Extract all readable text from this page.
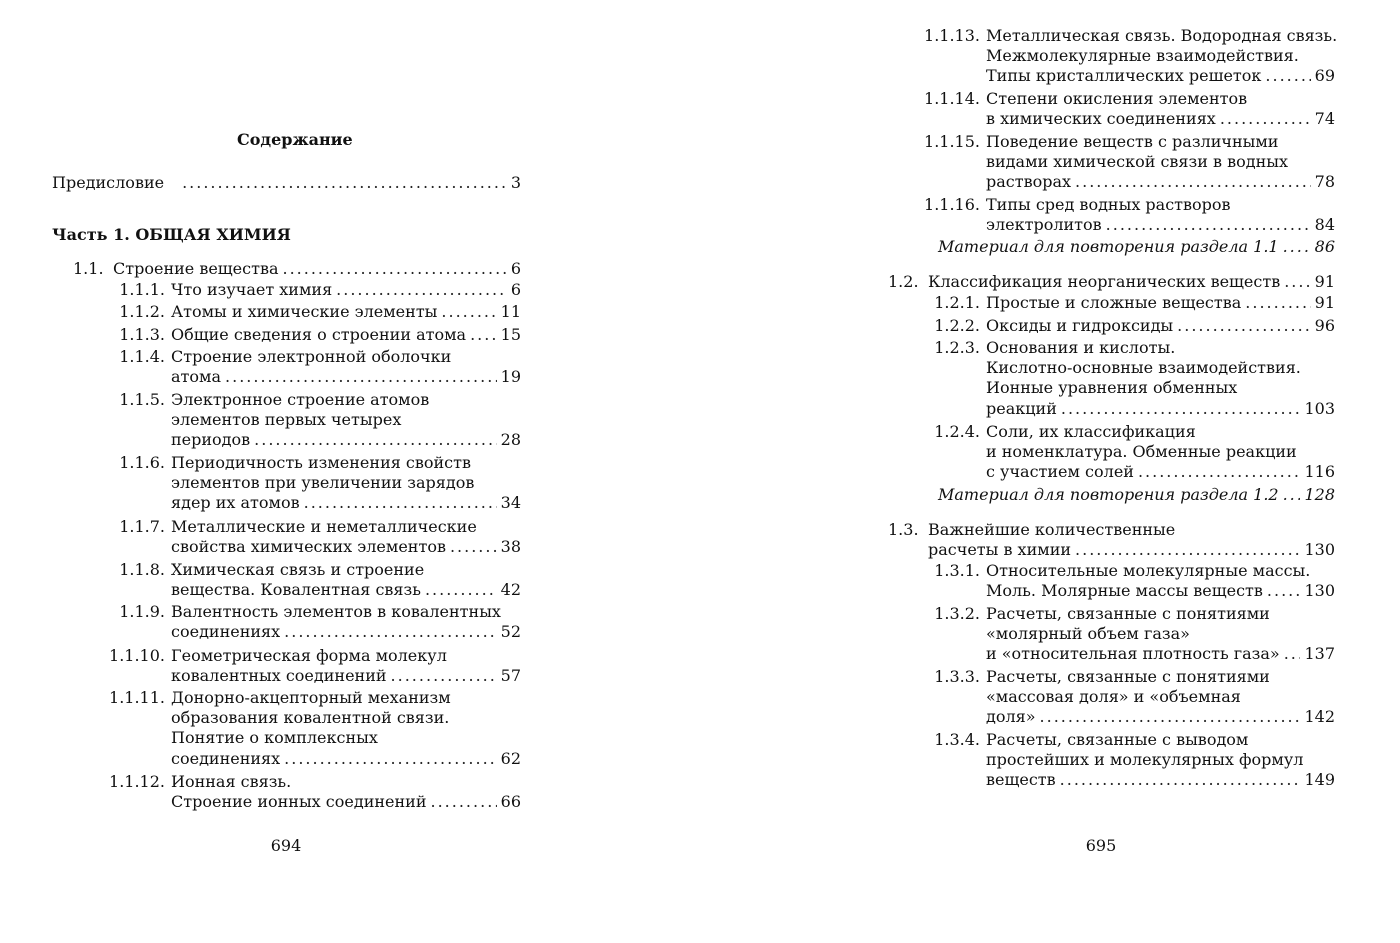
Содержание
Предисловие .....	3
Часть 1. ОБЩАЯ ХИМИЯ
1.1. Строение вещества .....	6
1.1.1. Что изучает химия .....	6
1.1.2. Атомы и химические элементы .....	11
1.1.3. Общие сведения о строении атома ..... 15
1.1.4. Строение электронной оболочки
атома .....	19
1.1.5. Электронное строение атомов
элементов первых четырех
периодов .....	28
1.1.6. Периодичность изменения свойств
элементов при увеличении зарядов
ядер их атомов .....	34
1.1.7. Металлические и неметаллические
свойства химических элементов .....	38
1.1.8. Химическая связь и строение
вещества. Ковалентная связь .....	42
1.1.9. Валентность элементов в ковалентных
соединениях .....	52
1.1.10. Геометрическая форма молекул
ковалентных соединений .....	57
1.1.11. Донорно-акцепторный механизм
образования ковалентной связи.
Понятие о комплексных
соединениях .....	62
1.1.12. Ионная связь.
Строение ионных соединений .....	66
694
1.1.13. Металлическая связь. Водородная связь.
Межмолекулярные взаимодействия.
Типы кристаллических решеток .....	69
1.1.14. Степени окисления элементов
в химических соединениях .....	74
1.1.15. Поведение веществ с различными
видами химической связи в водных
растворах .....	78
1.1.16. Типы сред водных растворов
электролитов .....	84
Материал для повторения раздела 1.1 ..... 86
1.2. Классификация неорганических веществ ..... 91
1.2.1. Простые и сложные вещества .....	91
1.2.2. Оксиды и гидроксиды .....	96
1.2.3. Основания и кислоты.
Кислотно-основные взаимодействия.
Ионные уравнения обменных
реакций .....	103
1.2.4. Соли, их классификация
и номенклатура. Обменные реакции
с участием солей .....	116
Материал для повторения раздела 1.2 ..... 128
1.3. Важнейшие количественные
расчеты в химии .....	130
1.3.1. Относительные молекулярные массы.
Моль. Молярные массы веществ .....	130
1.3.2. Расчеты, связанные с понятиями
«молярный объем газа»
и «относительная плотность газа» ..... 137
1.3.3. Расчеты, связанные с понятиями
«массовая доля» и «объемная
доля» .....	142
1.3.4. Расчеты, связанные с выводом
простейших и молекулярных формул
веществ .....	149
695
